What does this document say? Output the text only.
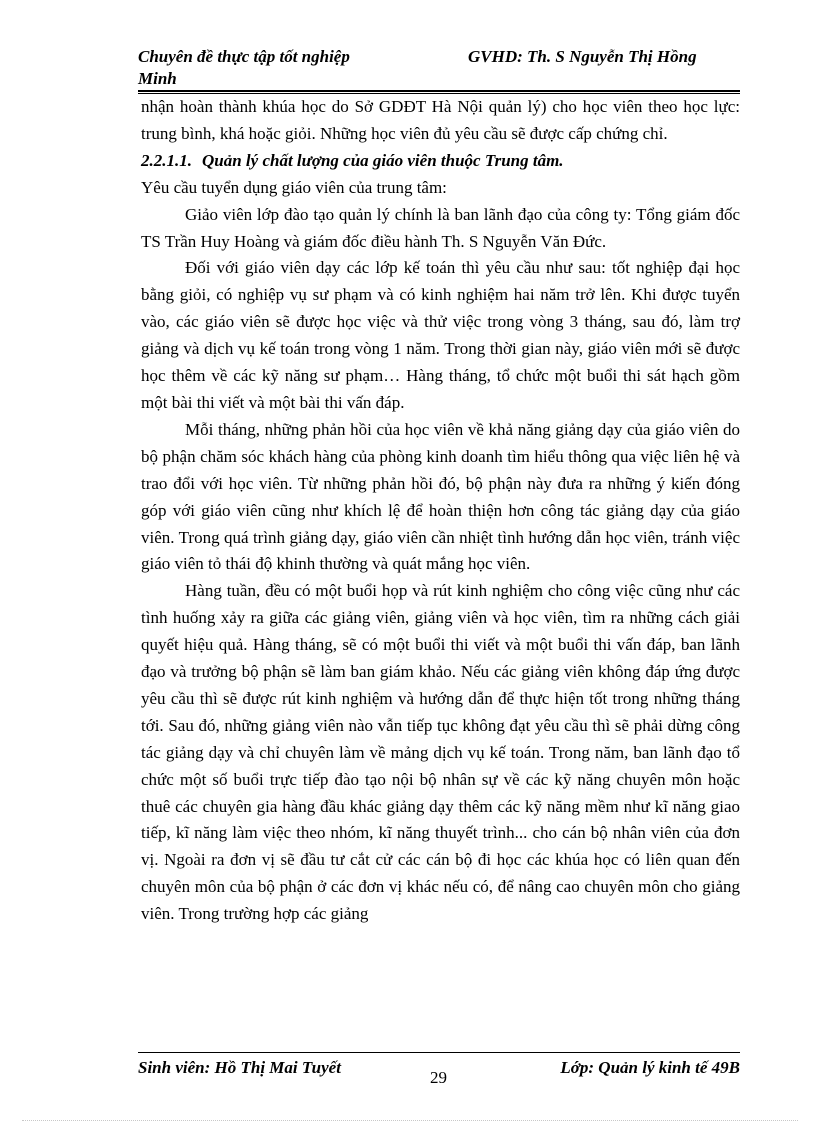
Chuyên đề thực tập tốt nghiệp
Minh
GVHD: Th. S Nguyễn Thị Hồng

nhận hoàn thành khúa học do Sở GDĐT Hà Nội quản lý) cho học viên theo học lực: trung bình, khá hoặc giỏi. Những học viên đủ yêu cầu sẽ được cấp chứng chỉ.

2.2.1.1. Quản lý chất lượng của giáo viên thuộc Trung tâm.

Yêu cầu tuyển dụng giáo viên của trung tâm:

Giảo viên lớp đào tạo quản lý chính là ban lãnh đạo của công ty: Tổng giám đốc TS Trần Huy Hoàng và giám đốc điều hành Th. S Nguyễn Văn Đức.

Đối với giáo viên dạy các lớp kế toán thì yêu cầu như sau: tốt nghiệp đại học bằng giỏi, có nghiệp vụ sư phạm và có kinh nghiệm hai năm trở lên. Khi được tuyển vào, các giáo viên sẽ được học việc và thử việc trong vòng 3 tháng, sau đó, làm trợ giảng và dịch vụ kế toán trong vòng 1 năm. Trong thời gian này, giáo viên mới sẽ được học thêm về các kỹ năng sư phạm… Hàng tháng, tổ chức một buổi thi sát hạch gồm một bài thi viết và một bài thi vấn đáp.

Mỗi tháng, những phản hồi của học viên về khả năng giảng dạy của giáo viên do bộ phận chăm sóc khách hàng của phòng kinh doanh tìm hiểu thông qua việc liên hệ và trao đổi với học viên. Từ những phản hồi đó, bộ phận này đưa ra những ý kiến đóng góp với giáo viên cũng như khích lệ để hoàn thiện hơn công tác giảng dạy của giáo viên. Trong quá trình giảng dạy, giáo viên cần nhiệt tình hướng dẫn học viên, tránh việc giáo viên tỏ thái độ khinh thường và quát mắng học viên.

Hàng tuần, đều có một buổi họp và rút kinh nghiệm cho công việc cũng như các tình huống xảy ra giữa các giảng viên, giảng viên và học viên, tìm ra những cách giải quyết hiệu quả. Hàng tháng, sẽ có một buổi thi viết và một buổi thi vấn đáp, ban lãnh đạo và trưởng bộ phận sẽ làm ban giám khảo. Nếu các giảng viên không đáp ứng được yêu cầu thì sẽ được rút kinh nghiệm và hướng dẫn để thực hiện tốt trong những tháng tới. Sau đó, những giảng viên nào vẫn tiếp tục không đạt yêu cầu thì sẽ phải dừng công tác giảng dạy và chỉ chuyên làm về mảng dịch vụ kế toán. Trong năm, ban lãnh đạo tổ chức một số buổi trực tiếp đào tạo nội bộ nhân sự về các kỹ năng chuyên môn hoặc thuê các chuyên gia hàng đầu khác giảng dạy thêm các kỹ năng mềm như kĩ năng giao tiếp, kĩ năng làm việc theo nhóm, kĩ năng thuyết trình... cho cán bộ nhân viên của đơn vị. Ngoài ra đơn vị sẽ đầu tư cắt cử các cán bộ đi học các khúa học có liên quan đến chuyên môn của bộ phận ở các đơn vị khác nếu có, để nâng cao chuyên môn cho giảng viên. Trong trường hợp các giảng

Sinh viên: Hồ Thị Mai Tuyết
29
Lớp: Quản lý kinh tế 49B
